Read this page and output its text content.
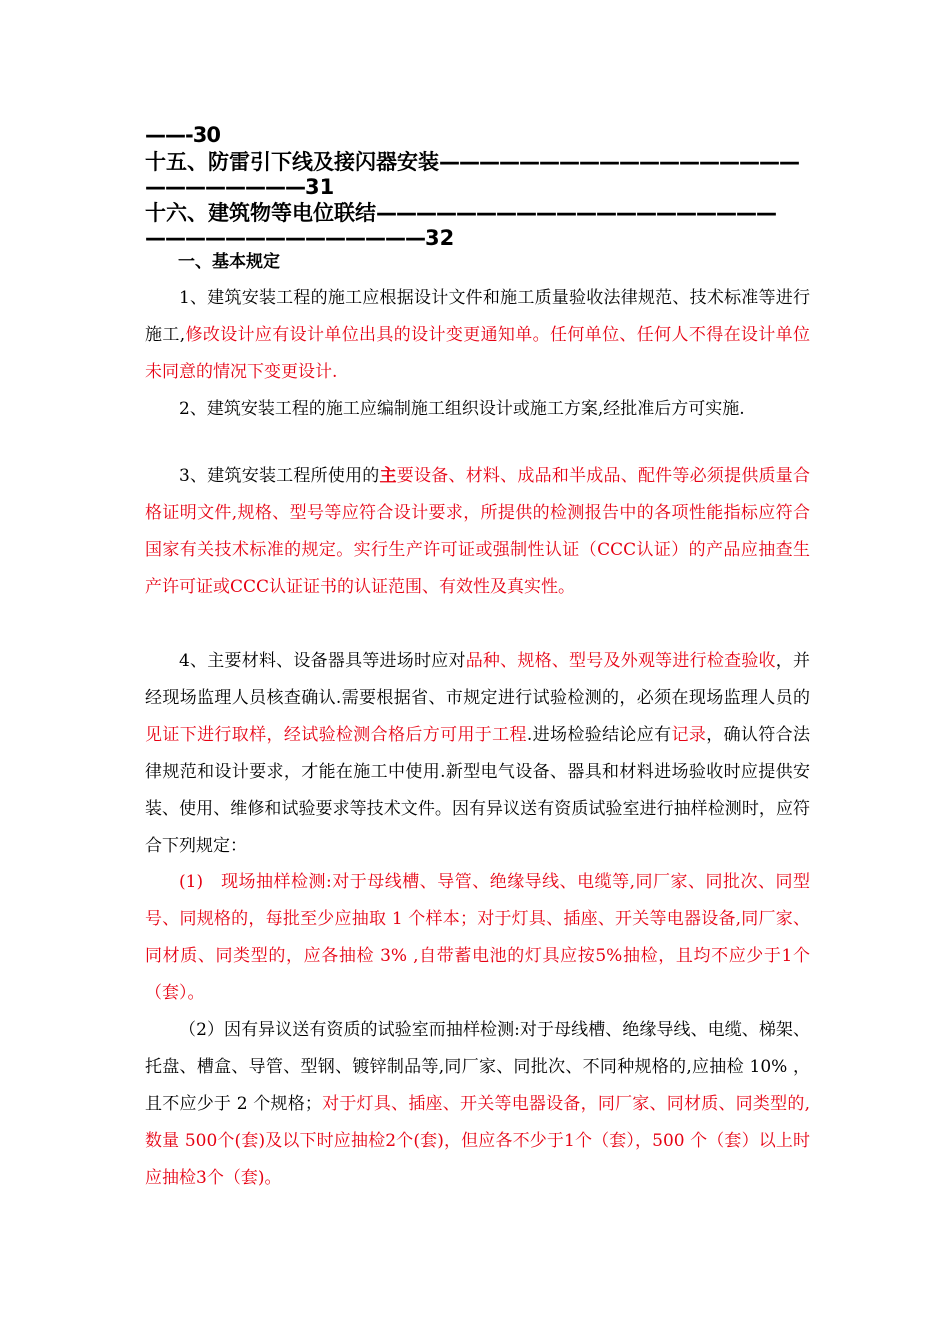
——-30
十五、防雷引下线及接闪器安装——————————————————
————————31
十六、建筑物等电位联结————————————————————
——————————————32
一、基本规定

1、建筑安装工程的施工应根据设计文件和施工质量验收法律规范、技术标准等进行施工,修改设计应有设计单位出具的设计变更通知单。任何单位、任何人不得在设计单位未同意的情况下变更设计.

2、建筑安装工程的施工应编制施工组织设计或施工方案,经批准后方可实施.

3、建筑安装工程所使用的主要设备、材料、成品和半成品、配件等必须提供质量合格证明文件,规格、型号等应符合设计要求，所提供的检测报告中的各项性能指标应符合国家有关技术标准的规定。实行生产许可证或强制性认证（CCC认证）的产品应抽查生产许可证或CCC认证证书的认证范围、有效性及真实性。

4、主要材料、设备器具等进场时应对品种、规格、型号及外观等进行检查验收，并经现场监理人员核查确认.需要根据省、市规定进行试验检测的，必须在现场监理人员的见证下进行取样，经试验检测合格后方可用于工程.进场检验结论应有记录，确认符合法律规范和设计要求，才能在施工中使用.新型电气设备、器具和材料进场验收时应提供安装、使用、维修和试验要求等技术文件。因有异议送有资质试验室进行抽样检测时，应符合下列规定：

(1)　现场抽样检测:对于母线槽、导管、绝缘导线、电缆等,同厂家、同批次、同型号、同规格的，每批至少应抽取 1 个样本；对于灯具、插座、开关等电器设备,同厂家、同材质、同类型的，应各抽检 3% ,自带蓄电池的灯具应按5%抽检，且均不应少于1个（套）。

（2）因有异议送有资质的试验室而抽样检测:对于母线槽、绝缘导线、电缆、梯架、托盘、槽盒、导管、型钢、镀锌制品等,同厂家、同批次、不同种规格的,应抽检 10% ，且不应少于 2 个规格；对于灯具、插座、开关等电器设备，同厂家、同材质、同类型的,数量 500个(套)及以下时应抽检2个(套)，但应各不少于1个（套），500 个（套）以上时应抽检3个（套)。
